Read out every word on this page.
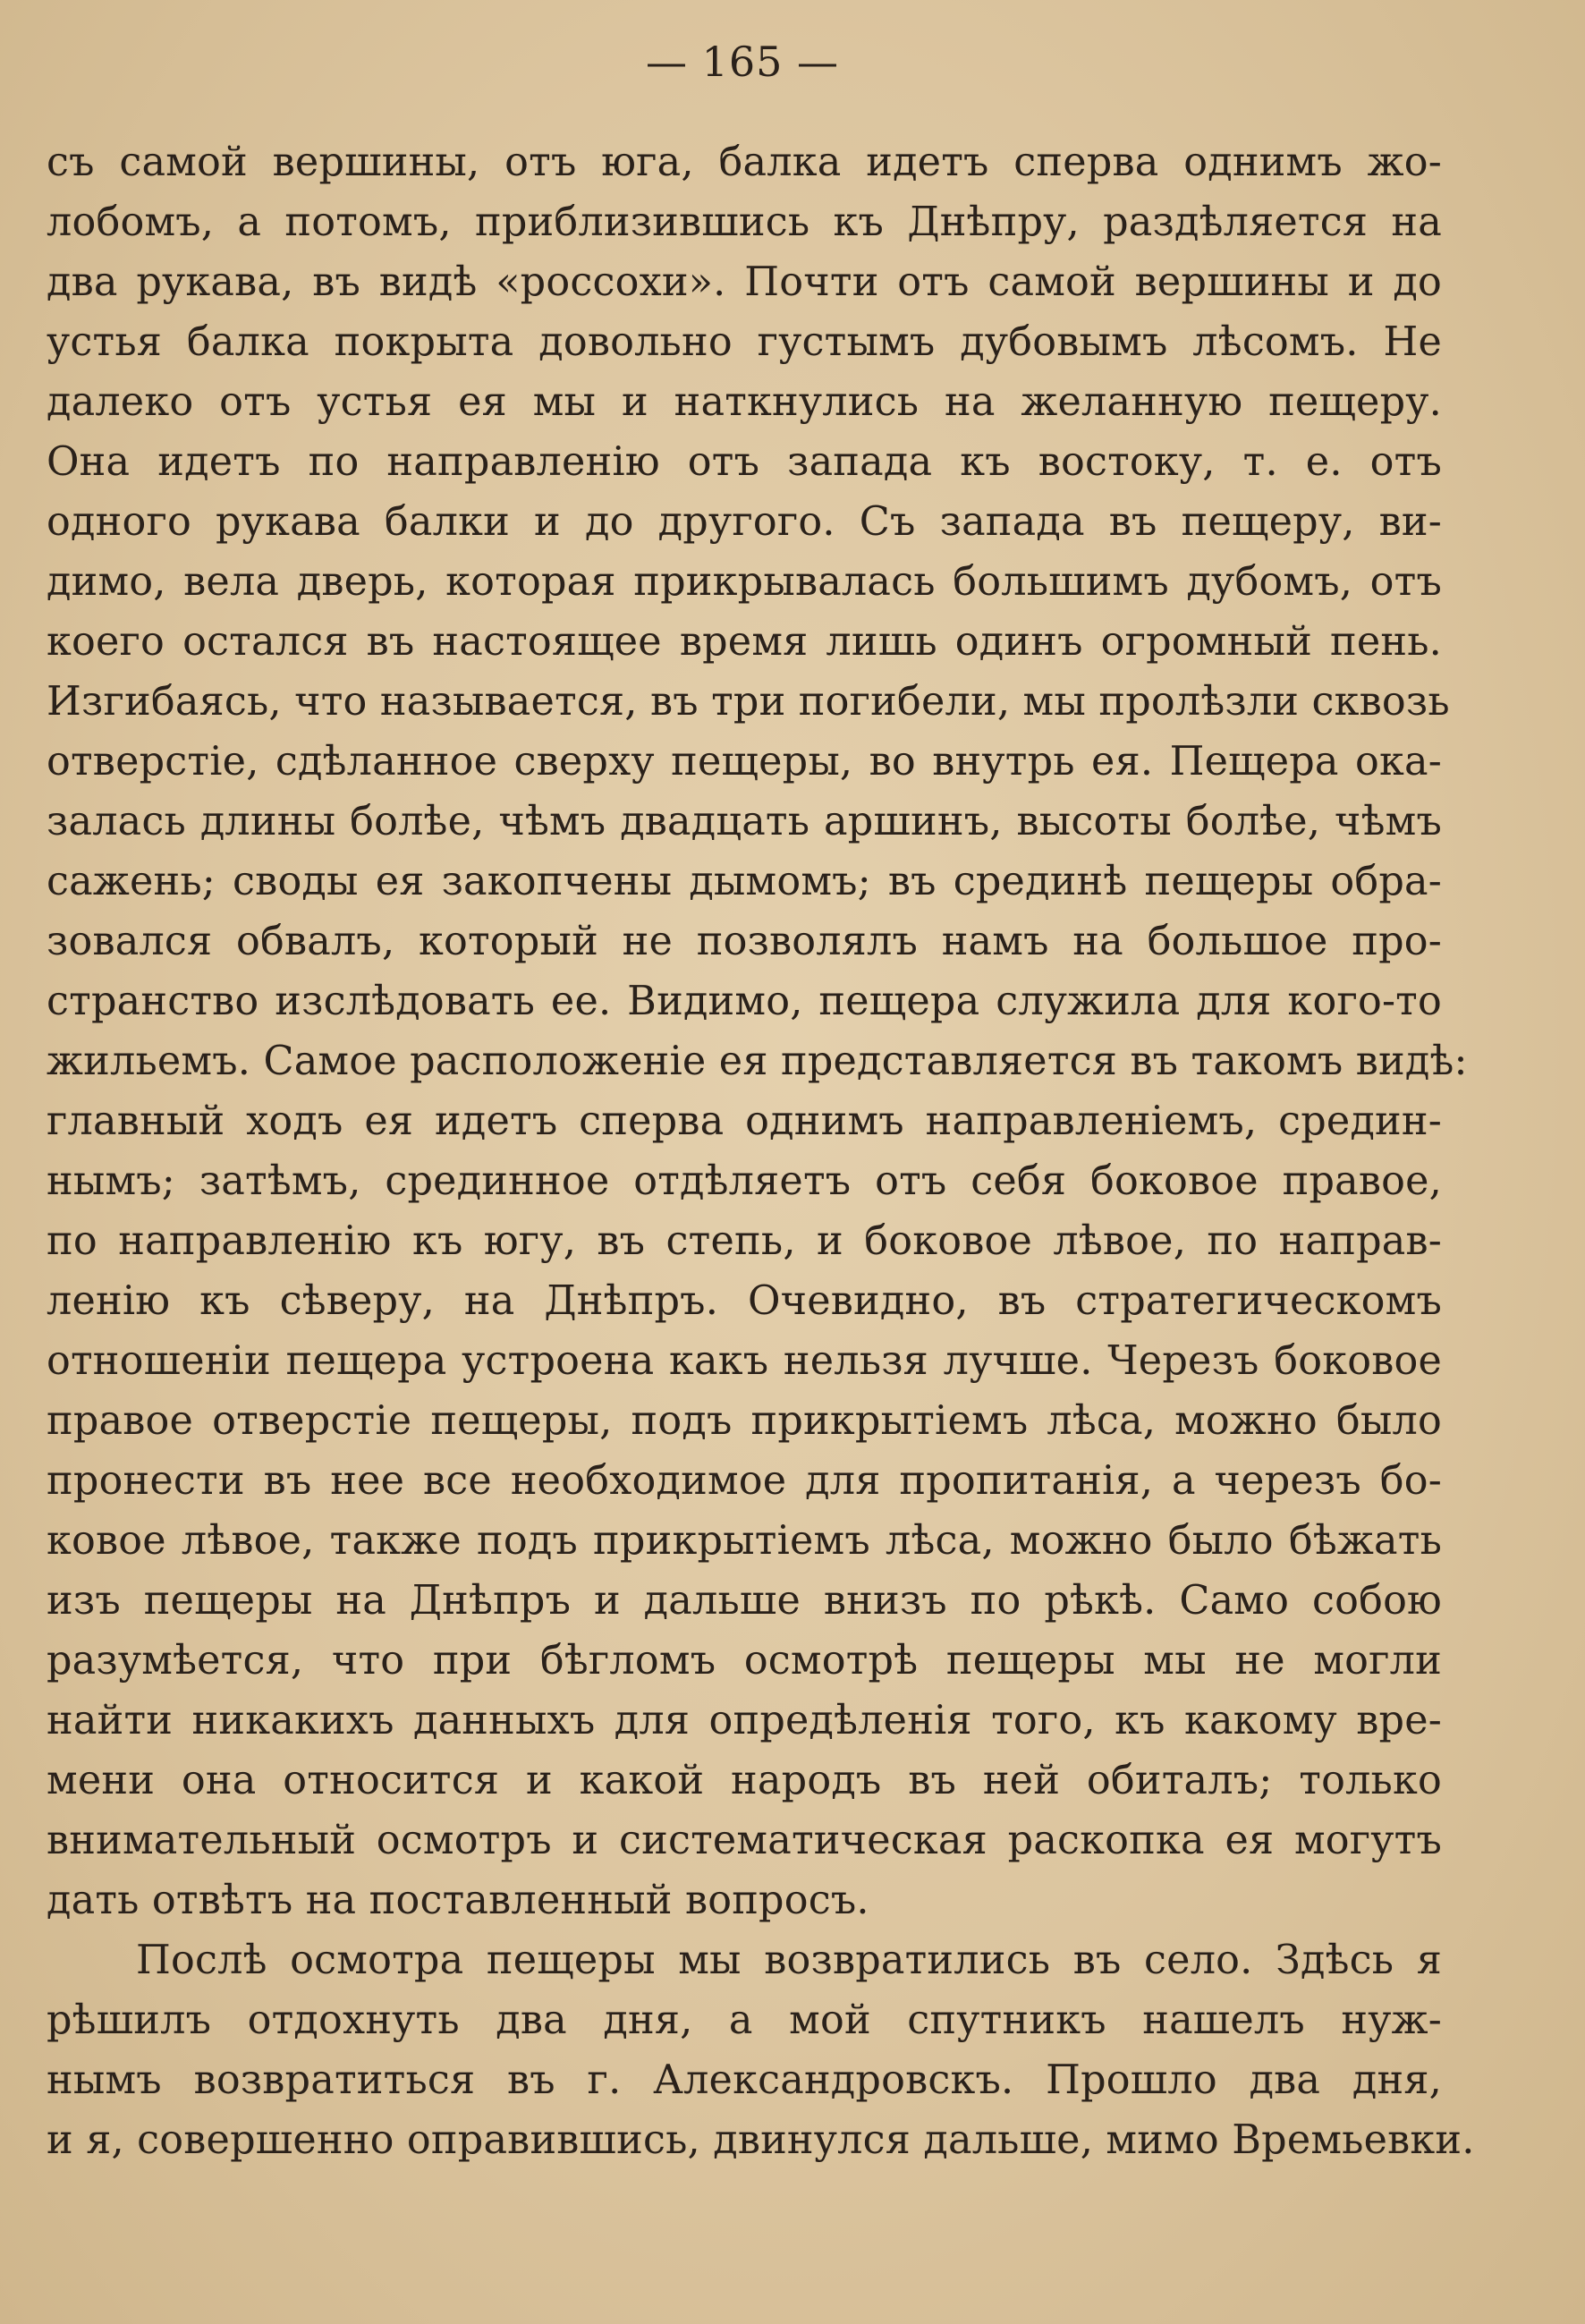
— 165 —
съ самой вершины, отъ юга, балка идетъ сперва однимъ жо-
лобомъ, а потомъ, приблизившись къ Днѣпру, раздѣляется на
два рукава, въ видѣ «россохи». Почти отъ самой вершины и до
устья балка покрыта довольно густымъ дубовымъ лѣсомъ. Не
далеко отъ устья ея мы и наткнулись на желанную пещеру.
Она идетъ по направленію отъ запада къ востоку, т. е. отъ
одного рукава балки и до другого. Съ запада въ пещеру, ви-
димо, вела дверь, которая прикрывалась большимъ дубомъ, отъ
коего остался въ настоящее время лишь одинъ огромный пень.
Изгибаясь, что называется, въ три погибели, мы пролѣзли сквозь
отверстіе, сдѣланное сверху пещеры, во внутрь ея. Пещера ока-
залась длины болѣе, чѣмъ двадцать аршинъ, высоты болѣе, чѣмъ
сажень; своды ея закопчены дымомъ; въ срединѣ пещеры обра-
зовался обвалъ, который не позволялъ намъ на большое про-
странство изслѣдовать ее. Видимо, пещера служила для кого-то
жильемъ. Самое расположеніе ея представляется въ такомъ видѣ:
главный ходъ ея идетъ сперва однимъ направленіемъ, средин-
нымъ; затѣмъ, срединное отдѣляетъ отъ себя боковое правое,
по направленію къ югу, въ степь, и боковое лѣвое, по направ-
ленію къ сѣверу, на Днѣпръ. Очевидно, въ стратегическомъ
отношеніи пещера устроена какъ нельзя лучше. Черезъ боковое
правое отверстіе пещеры, подъ прикрытіемъ лѣса, можно было
пронести въ нее все необходимое для пропитанія, а черезъ бо-
ковое лѣвое, также подъ прикрытіемъ лѣса, можно было бѣжать
изъ пещеры на Днѣпръ и дальше внизъ по рѣкѣ. Само собою
разумѣется, что при бѣгломъ осмотрѣ пещеры мы не могли
найти никакихъ данныхъ для опредѣленія того, къ какому вре-
мени она относится и какой народъ въ ней обиталъ; только
внимательный осмотръ и систематическая раскопка ея могутъ
дать отвѣтъ на поставленный вопросъ.
Послѣ осмотра пещеры мы возвратились въ село. Здѣсь я
рѣшилъ отдохнуть два дня, а мой спутникъ нашелъ нуж-
нымъ возвратиться въ г. Александровскъ. Прошло два дня,
и я, совершенно оправившись, двинулся дальше, мимо Времьевки.
